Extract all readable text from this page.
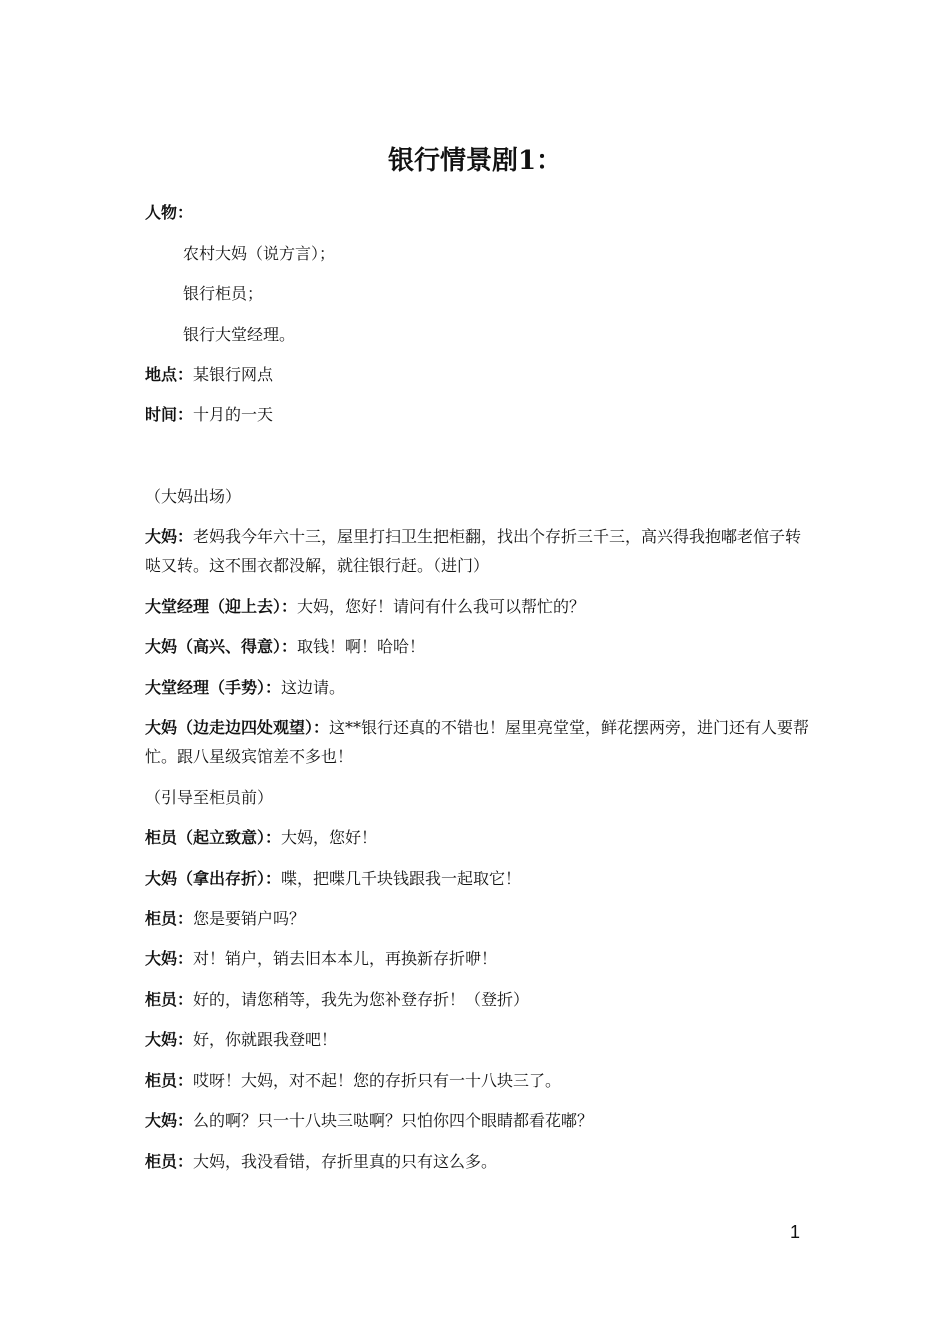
银行情景剧1：
人物：
农村大妈（说方言）；
银行柜员；
银行大堂经理。
地点：某银行网点
时间：十月的一天
（大妈出场）
大妈：老妈我今年六十三，屋里打扫卫生把柜翻，找出个存折三千三，高兴得我抱嘟老倌子转哒又转。这不围衣都没解，就往银行赶。（进门）
大堂经理（迎上去）：大妈，您好！请问有什么我可以帮忙的？
大妈（高兴、得意）：取钱！啊！哈哈！
大堂经理（手势）：这边请。
大妈（边走边四处观望）：这**银行还真的不错也！屋里亮堂堂，鲜花摆两旁，进门还有人要帮忙。跟八星级宾馆差不多也！
（引导至柜员前）
柜员（起立致意）：大妈，您好！
大妈（拿出存折）：喋，把喋几千块钱跟我一起取它！
柜员：您是要销户吗？
大妈：对！销户，销去旧本本儿，再换新存折咿！
柜员：好的，请您稍等，我先为您补登存折！（登折）
大妈：好，你就跟我登吧！
柜员：哎呀！大妈，对不起！您的存折只有一十八块三了。
大妈：么的啊？只一十八块三哒啊？只怕你四个眼睛都看花嘟？
柜员：大妈，我没看错，存折里真的只有这么多。
1
